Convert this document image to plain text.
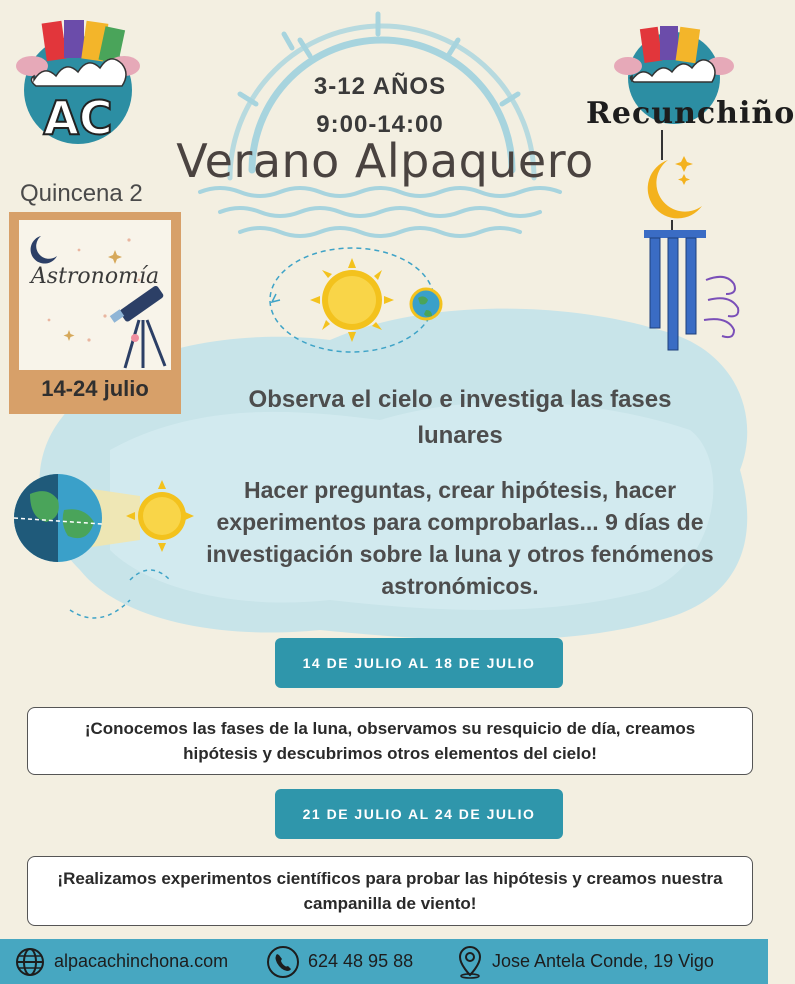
AC	Recunchiño
3-12 AÑOS
9:00-14:00
Verano Alpaquero
Quincena 2
Astronomía
14-24 julio	Observa el cielo e investiga las fases lunares
Hacer preguntas, crear hipótesis, hacer experimentos para comprobarlas... 9 días de investigación sobre la luna y otros fenómenos astronómicos.
14 DE JULIO AL 18 DE JULIO
¡Conocemos las fases de la luna, observamos su resquicio de día, creamos hipótesis y descubrimos otros elementos del cielo!
21 DE JULIO AL 24 DE JULIO
¡Realizamos experimentos científicos para probar las hipótesis y creamos nuestra campanilla de viento!
alpacachinchona.com	624 48 95 88	Jose Antela Conde, 19 Vigo
